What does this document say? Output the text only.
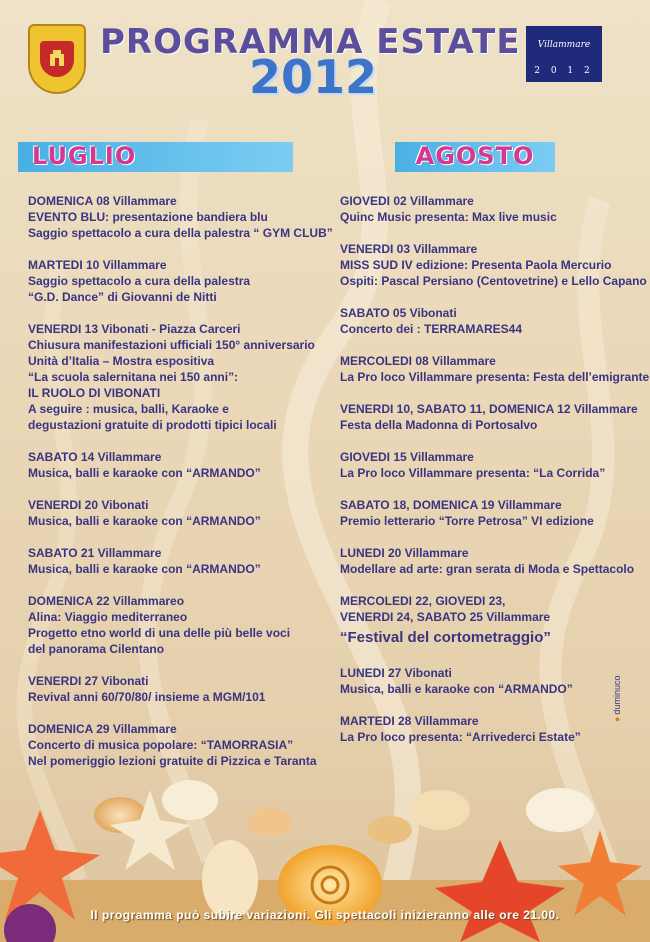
PROGRAMMA ESTATE
2012
Villammare
2 0 1 2
LUGLIO	AGOSTO
DOMENICA 08 Villammare
EVENTO BLU: presentazione bandiera blu
Saggio spettacolo a cura della palestra “ GYM CLUB”
MARTEDI 10 Villammare
Saggio spettacolo a cura della palestra
“G.D. Dance” di Giovanni de Nitti
VENERDI 13 Vibonati - Piazza Carceri
Chiusura manifestazioni ufficiali 150° anniversario
Unità d’Italia – Mostra espositiva
“La scuola salernitana nei 150 anni”:
IL RUOLO DI VIBONATI
A seguire : musica, balli, Karaoke e
degustazioni gratuite di prodotti tipici locali
SABATO 14 Villammare
Musica, balli e karaoke con “ARMANDO”
VENERDI 20 Vibonati
Musica, balli e karaoke con “ARMANDO”
SABATO 21 Villammare
Musica, balli e karaoke con “ARMANDO”
DOMENICA 22 Villammareo
Alina: Viaggio mediterraneo
Progetto etno world di una delle più belle voci
del panorama Cilentano
VENERDI 27 Vibonati
Revival anni 60/70/80/ insieme a MGM/101
DOMENICA 29 Villammare
Concerto di musica popolare: “TAMORRASIA”
Nel pomeriggio lezioni gratuite di Pizzica e Taranta
GIOVEDI 02 Villammare
Quinc Music presenta: Max live music
VENERDI 03 Villammare
MISS SUD IV edizione: Presenta Paola Mercurio
Ospiti: Pascal Persiano (Centovetrine) e Lello Capano
SABATO 05 Vibonati
Concerto dei : TERRAMARES44
MERCOLEDI 08 Villammare
La Pro loco Villammare presenta: Festa dell’emigrante
VENERDI 10, SABATO 11, DOMENICA 12 Villammare
Festa della Madonna di Portosalvo
GIOVEDI 15 Villammare
La Pro loco Villammare presenta: “La Corrida”
SABATO 18, DOMENICA 19 Villammare
Premio letterario “Torre Petrosa” VI edizione
LUNEDI 20 Villammare
Modellare ad arte: gran serata di Moda e Spettacolo
MERCOLEDI 22, GIOVEDI 23,
VENERDI 24, SABATO 25 Villammare
“Festival del cortometraggio”
LUNEDI 27 Vibonati
Musica, balli e karaoke con “ARMANDO”
MARTEDI 28 Villammare
La Pro loco presenta: “Arrivederci Estate”
● duminuco
Il programma può subire variazioni. Gli spettacoli inizieranno alle ore 21.00.
